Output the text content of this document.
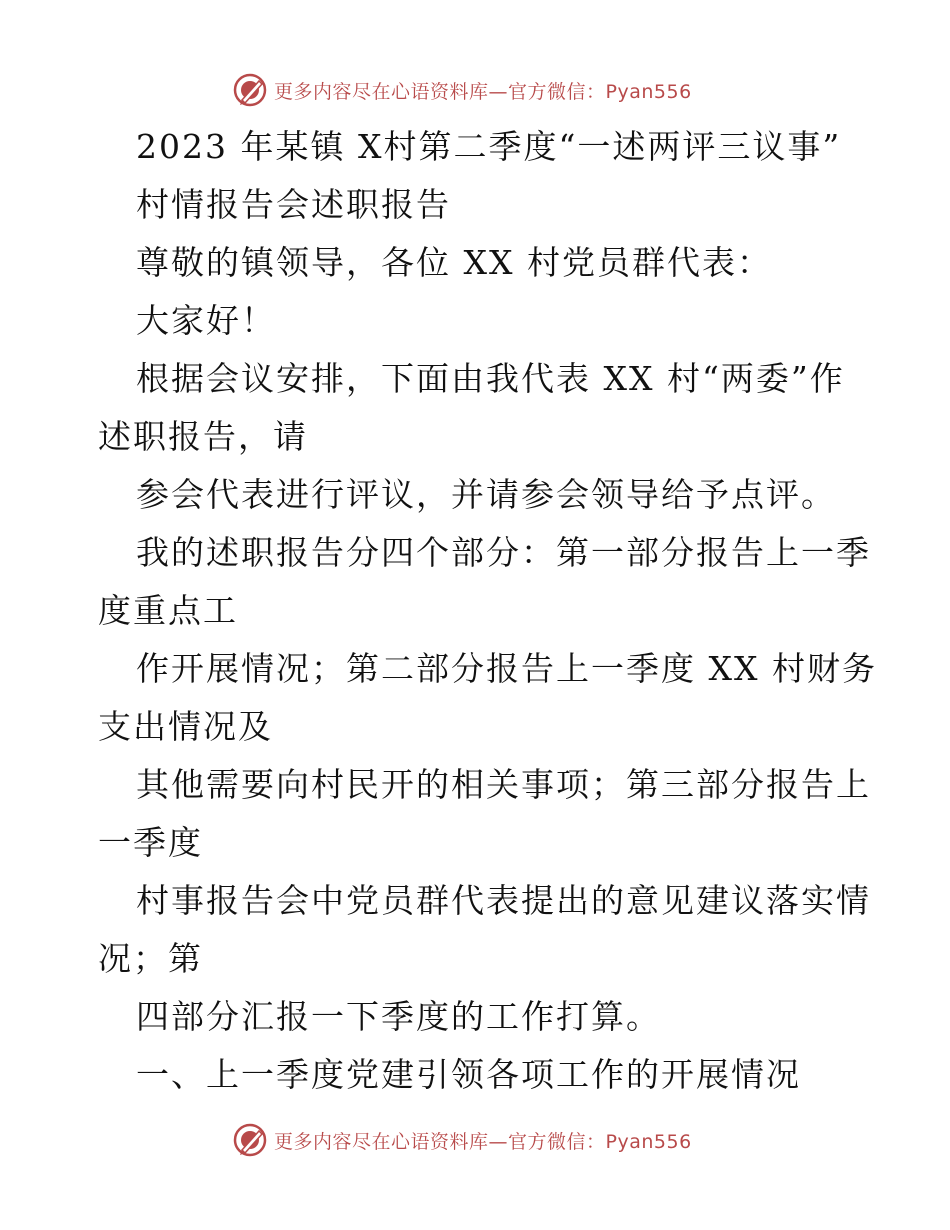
更多内容尽在心语资料库—官方微信：Pyan556
2023 年某镇 X村第二季度“一述两评三议事”
村情报告会述职报告
尊敬的镇领导，各位 XX 村党员群代表：
大家好！
根据会议安排，下面由我代表 XX 村“两委”作
述职报告，请
参会代表进行评议，并请参会领导给予点评。
我的述职报告分四个部分：第一部分报告上一季
度重点工
作开展情况；第二部分报告上一季度 XX 村财务
支出情况及
其他需要向村民开的相关事项；第三部分报告上
一季度
村事报告会中党员群代表提出的意见建议落实情
况；第
四部分汇报一下季度的工作打算。
一、上一季度党建引领各项工作的开展情况
更多内容尽在心语资料库—官方微信：Pyan556
